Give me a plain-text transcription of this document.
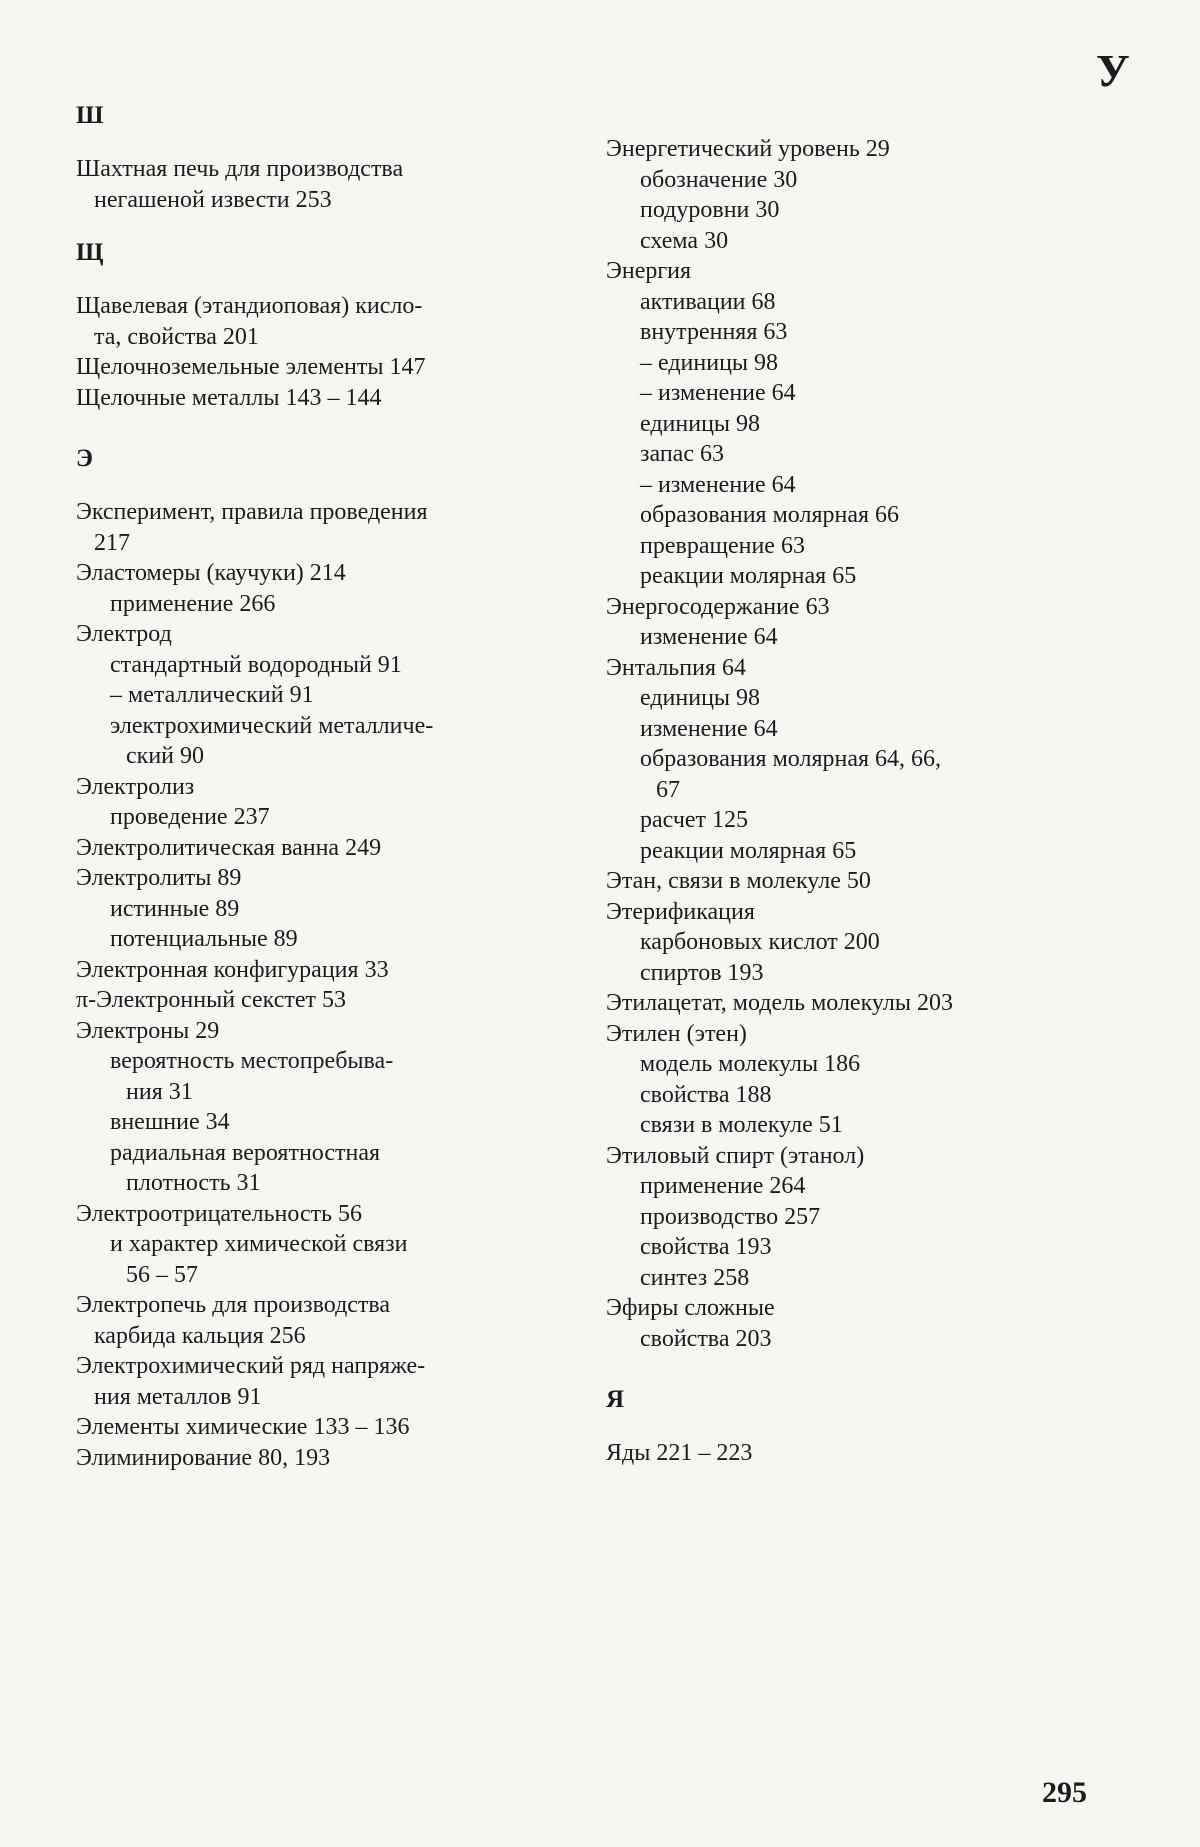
У
Ш
Шахтная печь для производства
негашеной извести 253
Щ
Щавелевая (этандиоповая) кисло-
та, свойства 201
Щелочноземельные элементы 147
Щелочные металлы 143 – 144
Э
Эксперимент, правила проведения
217
Эластомеры (каучуки) 214
применение 266
Электрод
стандартный водородный 91
– металлический 91
электрохимический металличе-
ский 90
Электролиз
проведение 237
Электролитическая ванна 249
Электролиты 89
истинные 89
потенциальные 89
Электронная конфигурация 33
π-Электронный секстет 53
Электроны 29
вероятность местопребыва-
ния 31
внешние 34
радиальная вероятностная
плотность 31
Электроотрицательность 56
и характер химической связи
56 – 57
Электропечь для производства
карбида кальция 256
Электрохимический ряд напряже-
ния металлов 91
Элементы химические 133 – 136
Элиминирование 80, 193
Энергетический уровень 29
обозначение 30
подуровни 30
схема 30
Энергия
активации 68
внутренняя 63
– единицы 98
– изменение 64
единицы 98
запас 63
– изменение 64
образования молярная 66
превращение 63
реакции молярная 65
Энергосодержание 63
изменение 64
Энтальпия 64
единицы 98
изменение 64
образования молярная 64, 66,
67
расчет 125
реакции молярная 65
Этан, связи в молекуле 50
Этерификация
карбоновых кислот 200
спиртов 193
Этилацетат, модель молекулы 203
Этилен (этен)
модель молекулы 186
свойства 188
связи в молекуле 51
Этиловый спирт (этанол)
применение 264
производство 257
свойства 193
синтез 258
Эфиры сложные
свойства 203
Я
Яды 221 – 223
295
